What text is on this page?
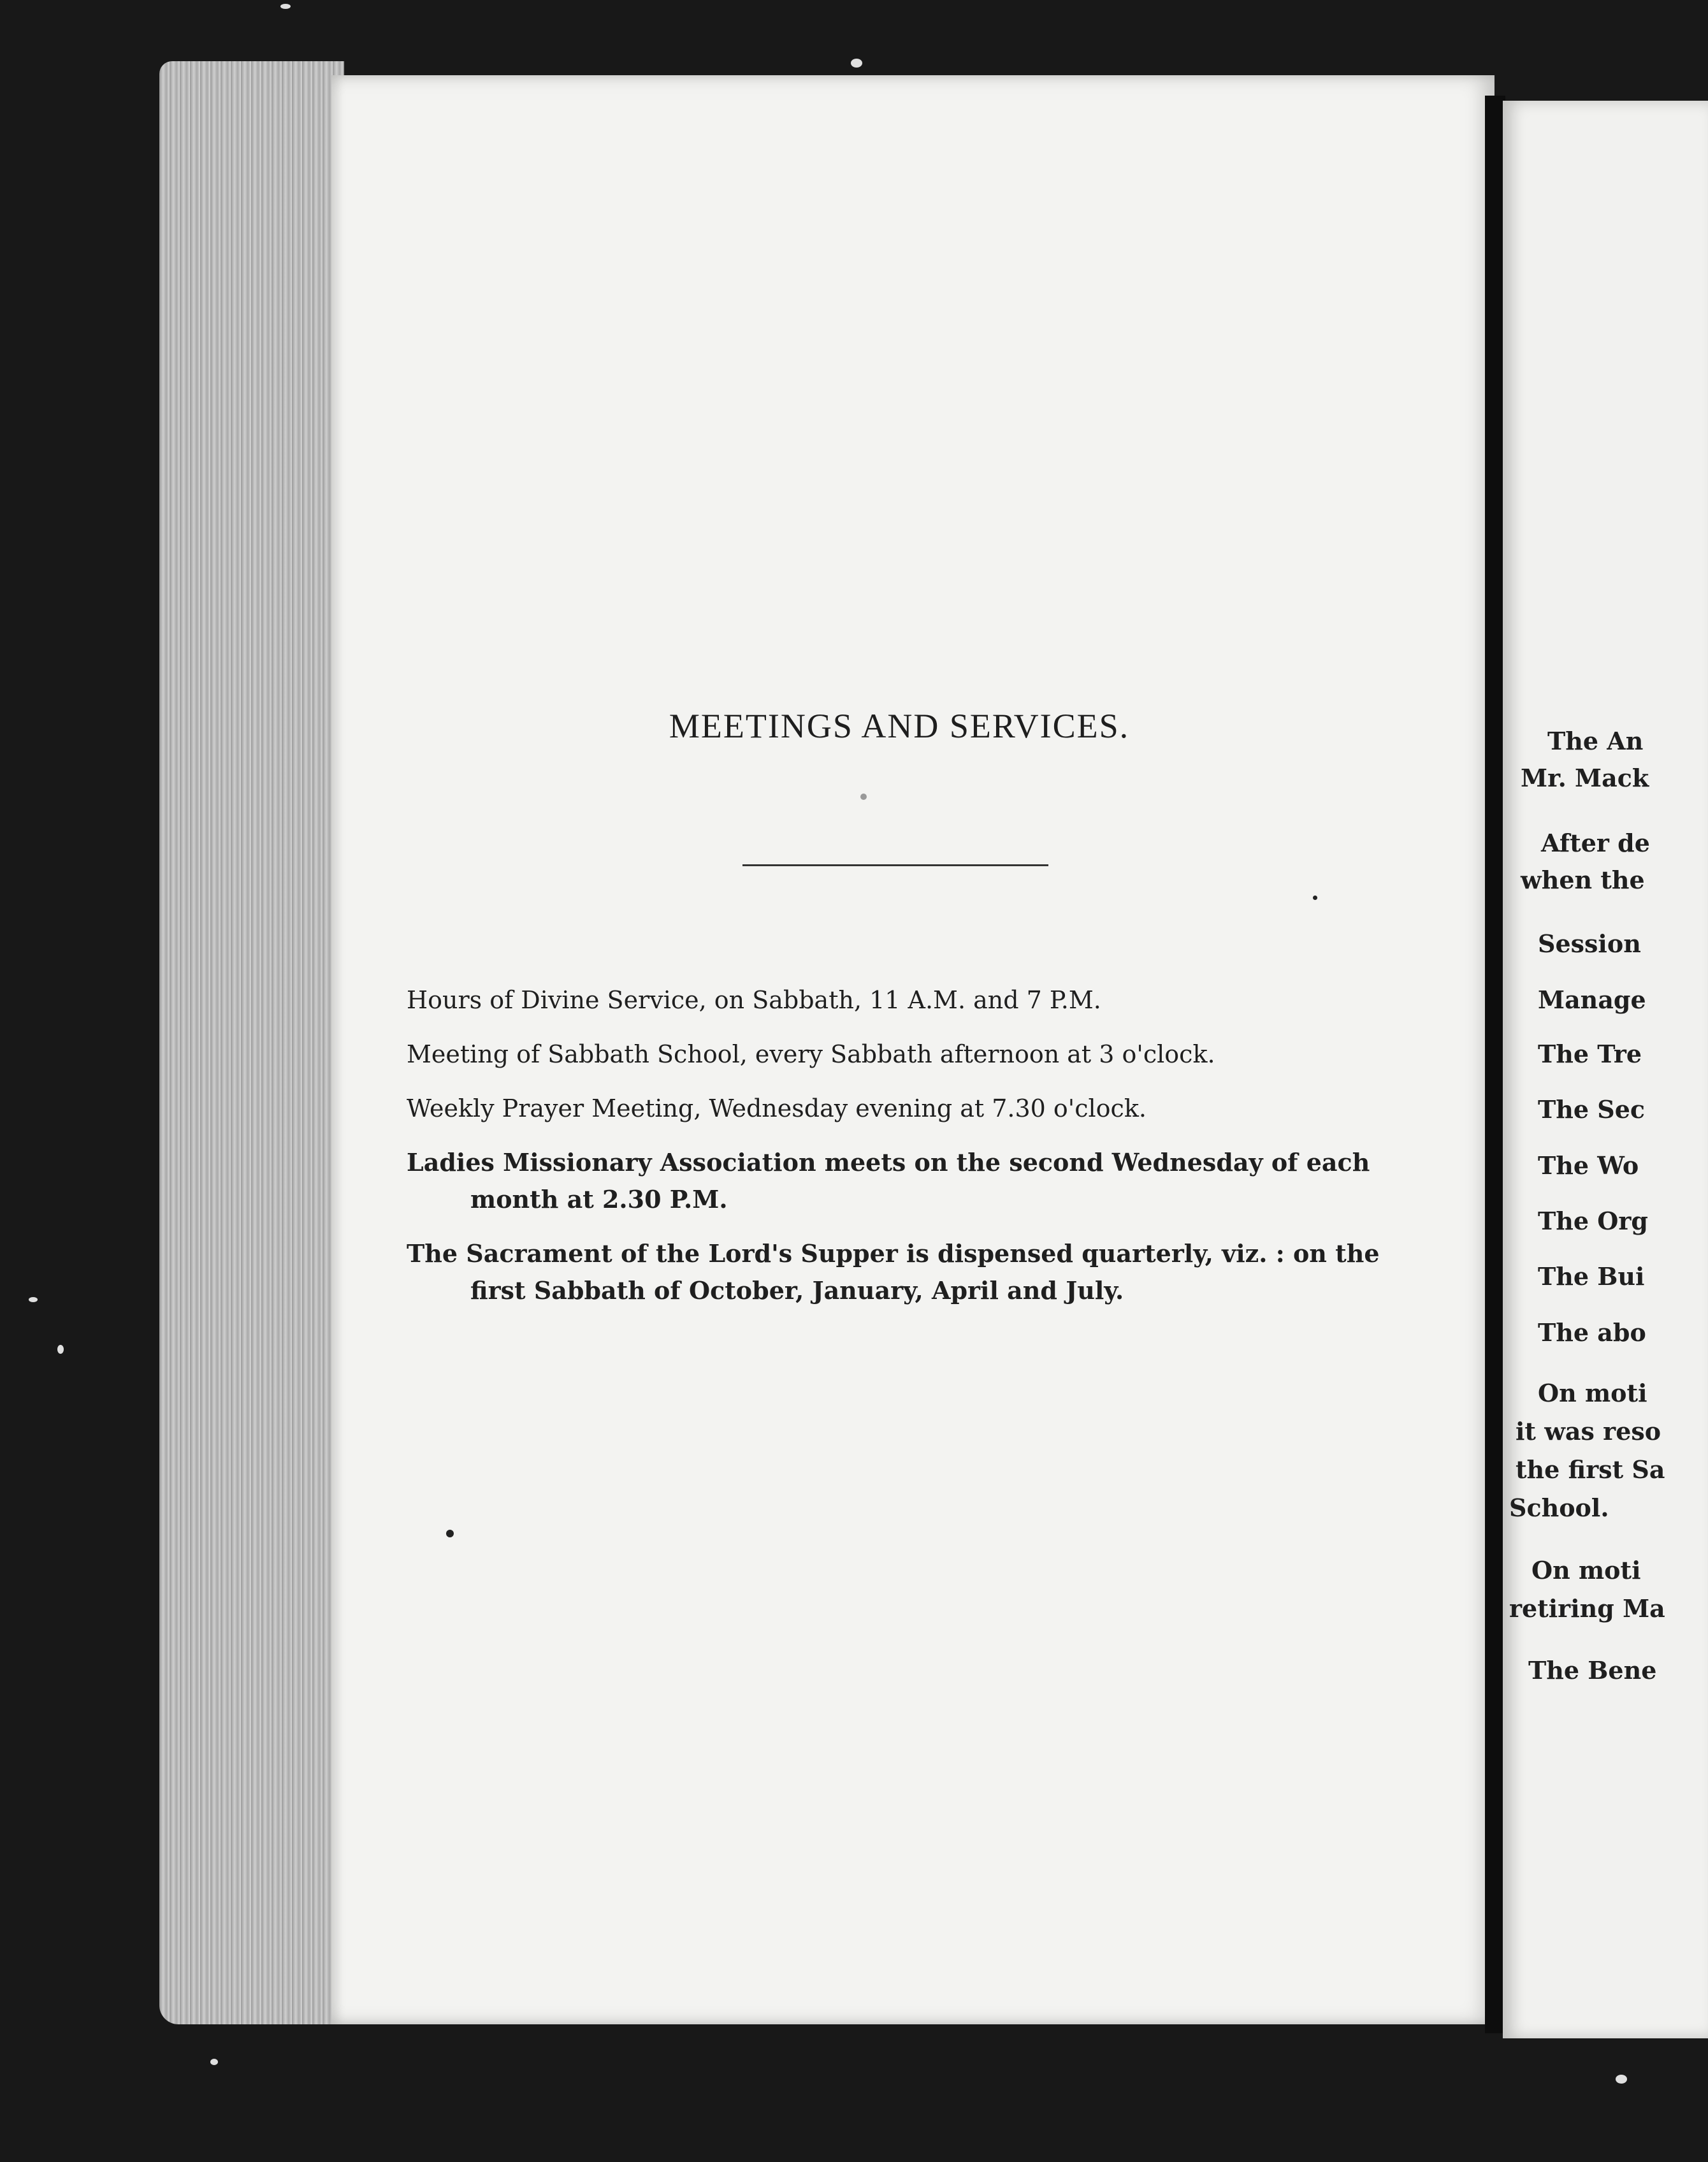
The An
Mr. Mack
After de
when the
Session
Manage
The Tre
The Sec
The Wo
The Org
The Bui
The abo
On moti
it was reso
the first Sa
School.
On moti
retiring Ma
The Bene
MEETINGS AND SERVICES.

Hours of Divine Service, on Sabbath, 11 A.M. and 7 P.M.

Meeting of Sabbath School, every Sabbath afternoon at 3 o'clock.

Weekly Prayer Meeting, Wednesday evening at 7.30 o'clock.

Ladies Missionary Association meets on the second Wednesday of each month at 2.30 P.M.

The Sacrament of the Lord's Supper is dispensed quarterly, viz. : on the first Sabbath of October, January, April and July.
